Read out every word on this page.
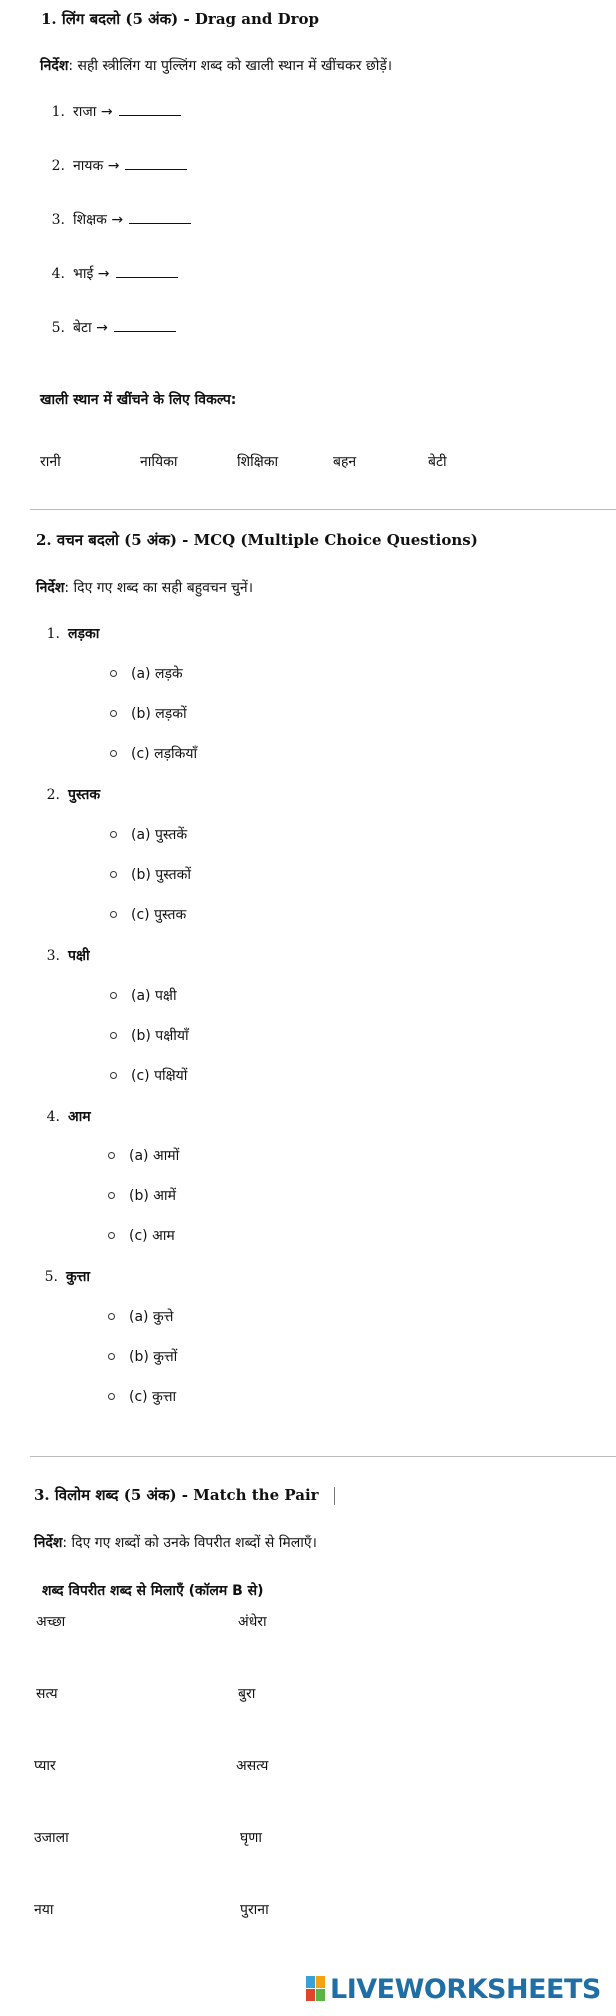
1. लिंग बदलो (5 अंक) - Drag and Drop
निर्देश: सही स्त्रीलिंग या पुल्लिंग शब्द को खाली स्थान में खींचकर छोड़ें।
1. राजा →
2. नायक →
3. शिक्षक →
4. भाई →
5. बेटा →
खाली स्थान में खींचने के लिए विकल्प:
रानी	नायिका	शिक्षिका	बहन	बेटी
2. वचन बदलो (5 अंक) - MCQ (Multiple Choice Questions)
निर्देश: दिए गए शब्द का सही बहुवचन चुनें।
1. लड़का
(a) लड़के
(b) लड़कों
(c) लड़कियाँ
2. पुस्तक
(a) पुस्तकें
(b) पुस्तकों
(c) पुस्तक
3. पक्षी
(a) पक्षी
(b) पक्षीयाँ
(c) पक्षियों
4. आम
(a) आमों
(b) आमें
(c) आम
5. कुत्ता
(a) कुत्ते
(b) कुत्तों
(c) कुत्ता
3. विलोम शब्द (5 अंक) - Match the Pair
निर्देश: दिए गए शब्दों को उनके विपरीत शब्दों से मिलाएँ।
शब्द विपरीत शब्द से मिलाएँ (कॉलम B से)
अच्छा	अंधेरा
सत्य	बुरा
प्यार	असत्य
उजाला	घृणा
नया	पुराना
LIVEWORKSHEETS
